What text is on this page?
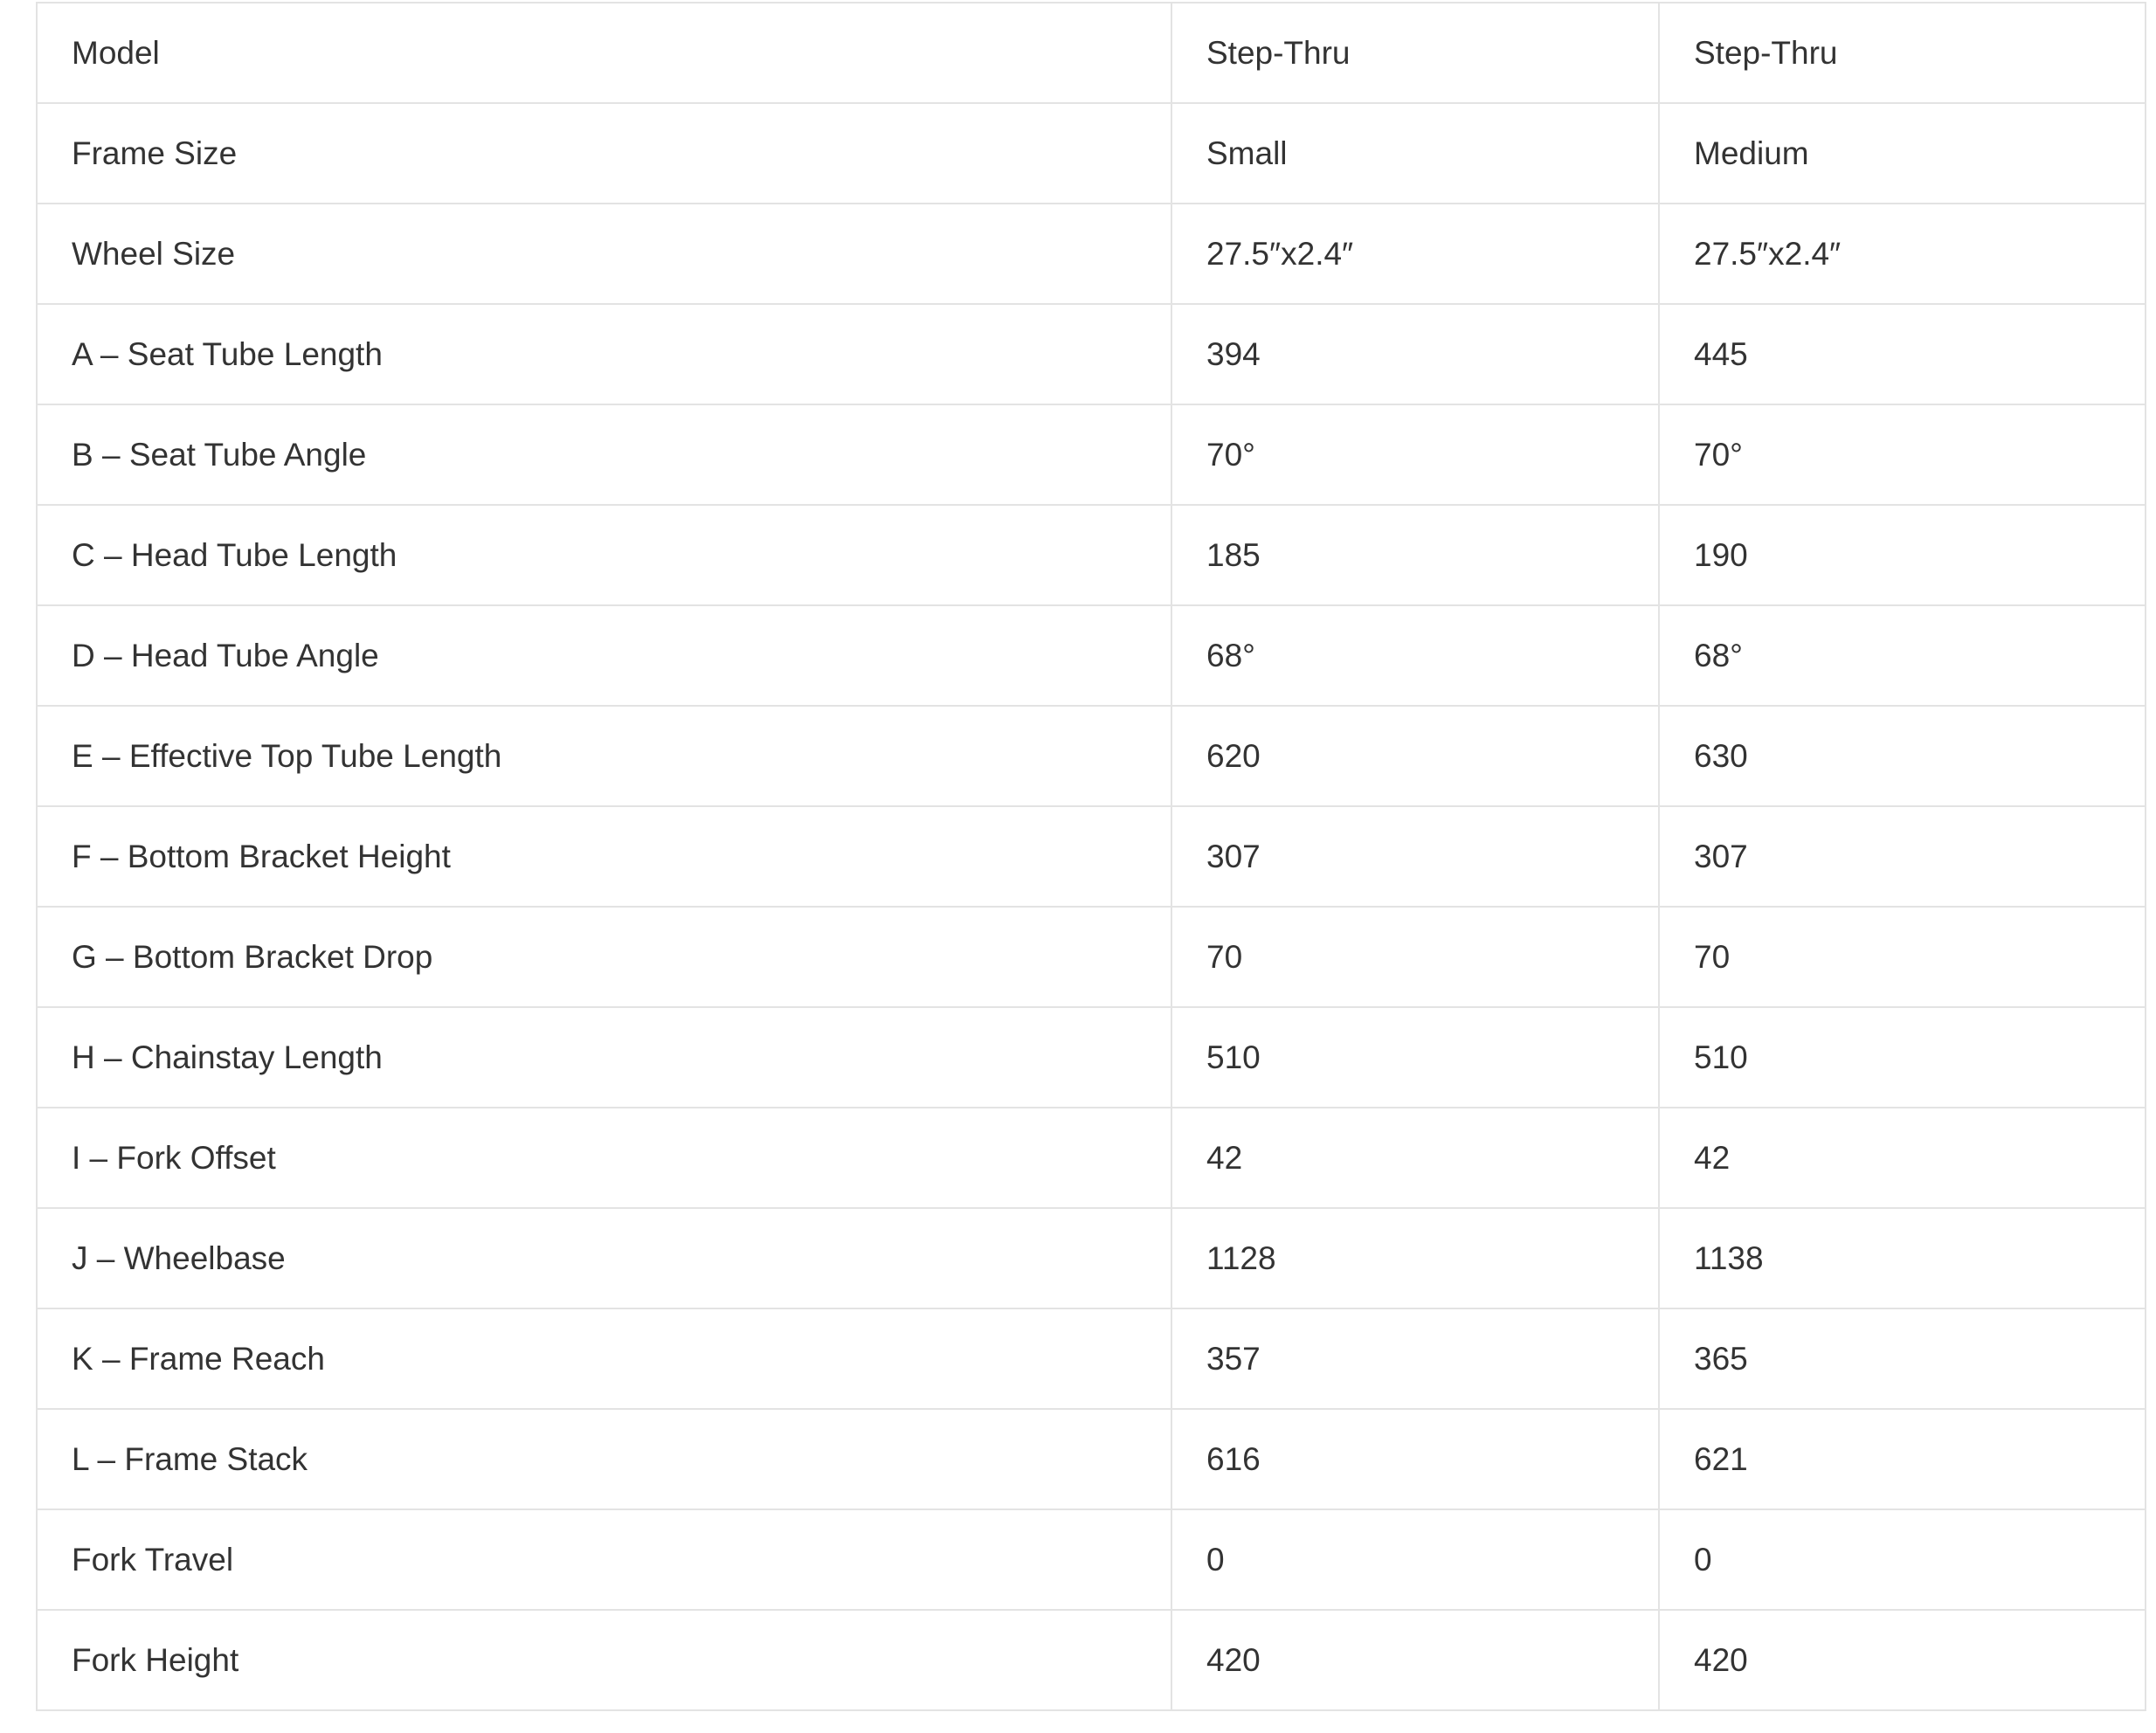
Model	Step-Thru	Step-Thru
Frame Size	Small	Medium
Wheel Size	27.5″x2.4″	27.5″x2.4″
A – Seat Tube Length	394	445
B – Seat Tube Angle	70°	70°
C – Head Tube Length	185	190
D – Head Tube Angle	68°	68°
E – Effective Top Tube Length	620	630
F – Bottom Bracket Height	307	307
G – Bottom Bracket Drop	70	70
H – Chainstay Length	510	510
I – Fork Offset	42	42
J – Wheelbase	1128	1138
K – Frame Reach	357	365
L – Frame Stack	616	621
Fork Travel	0	0
Fork Height	420	420
